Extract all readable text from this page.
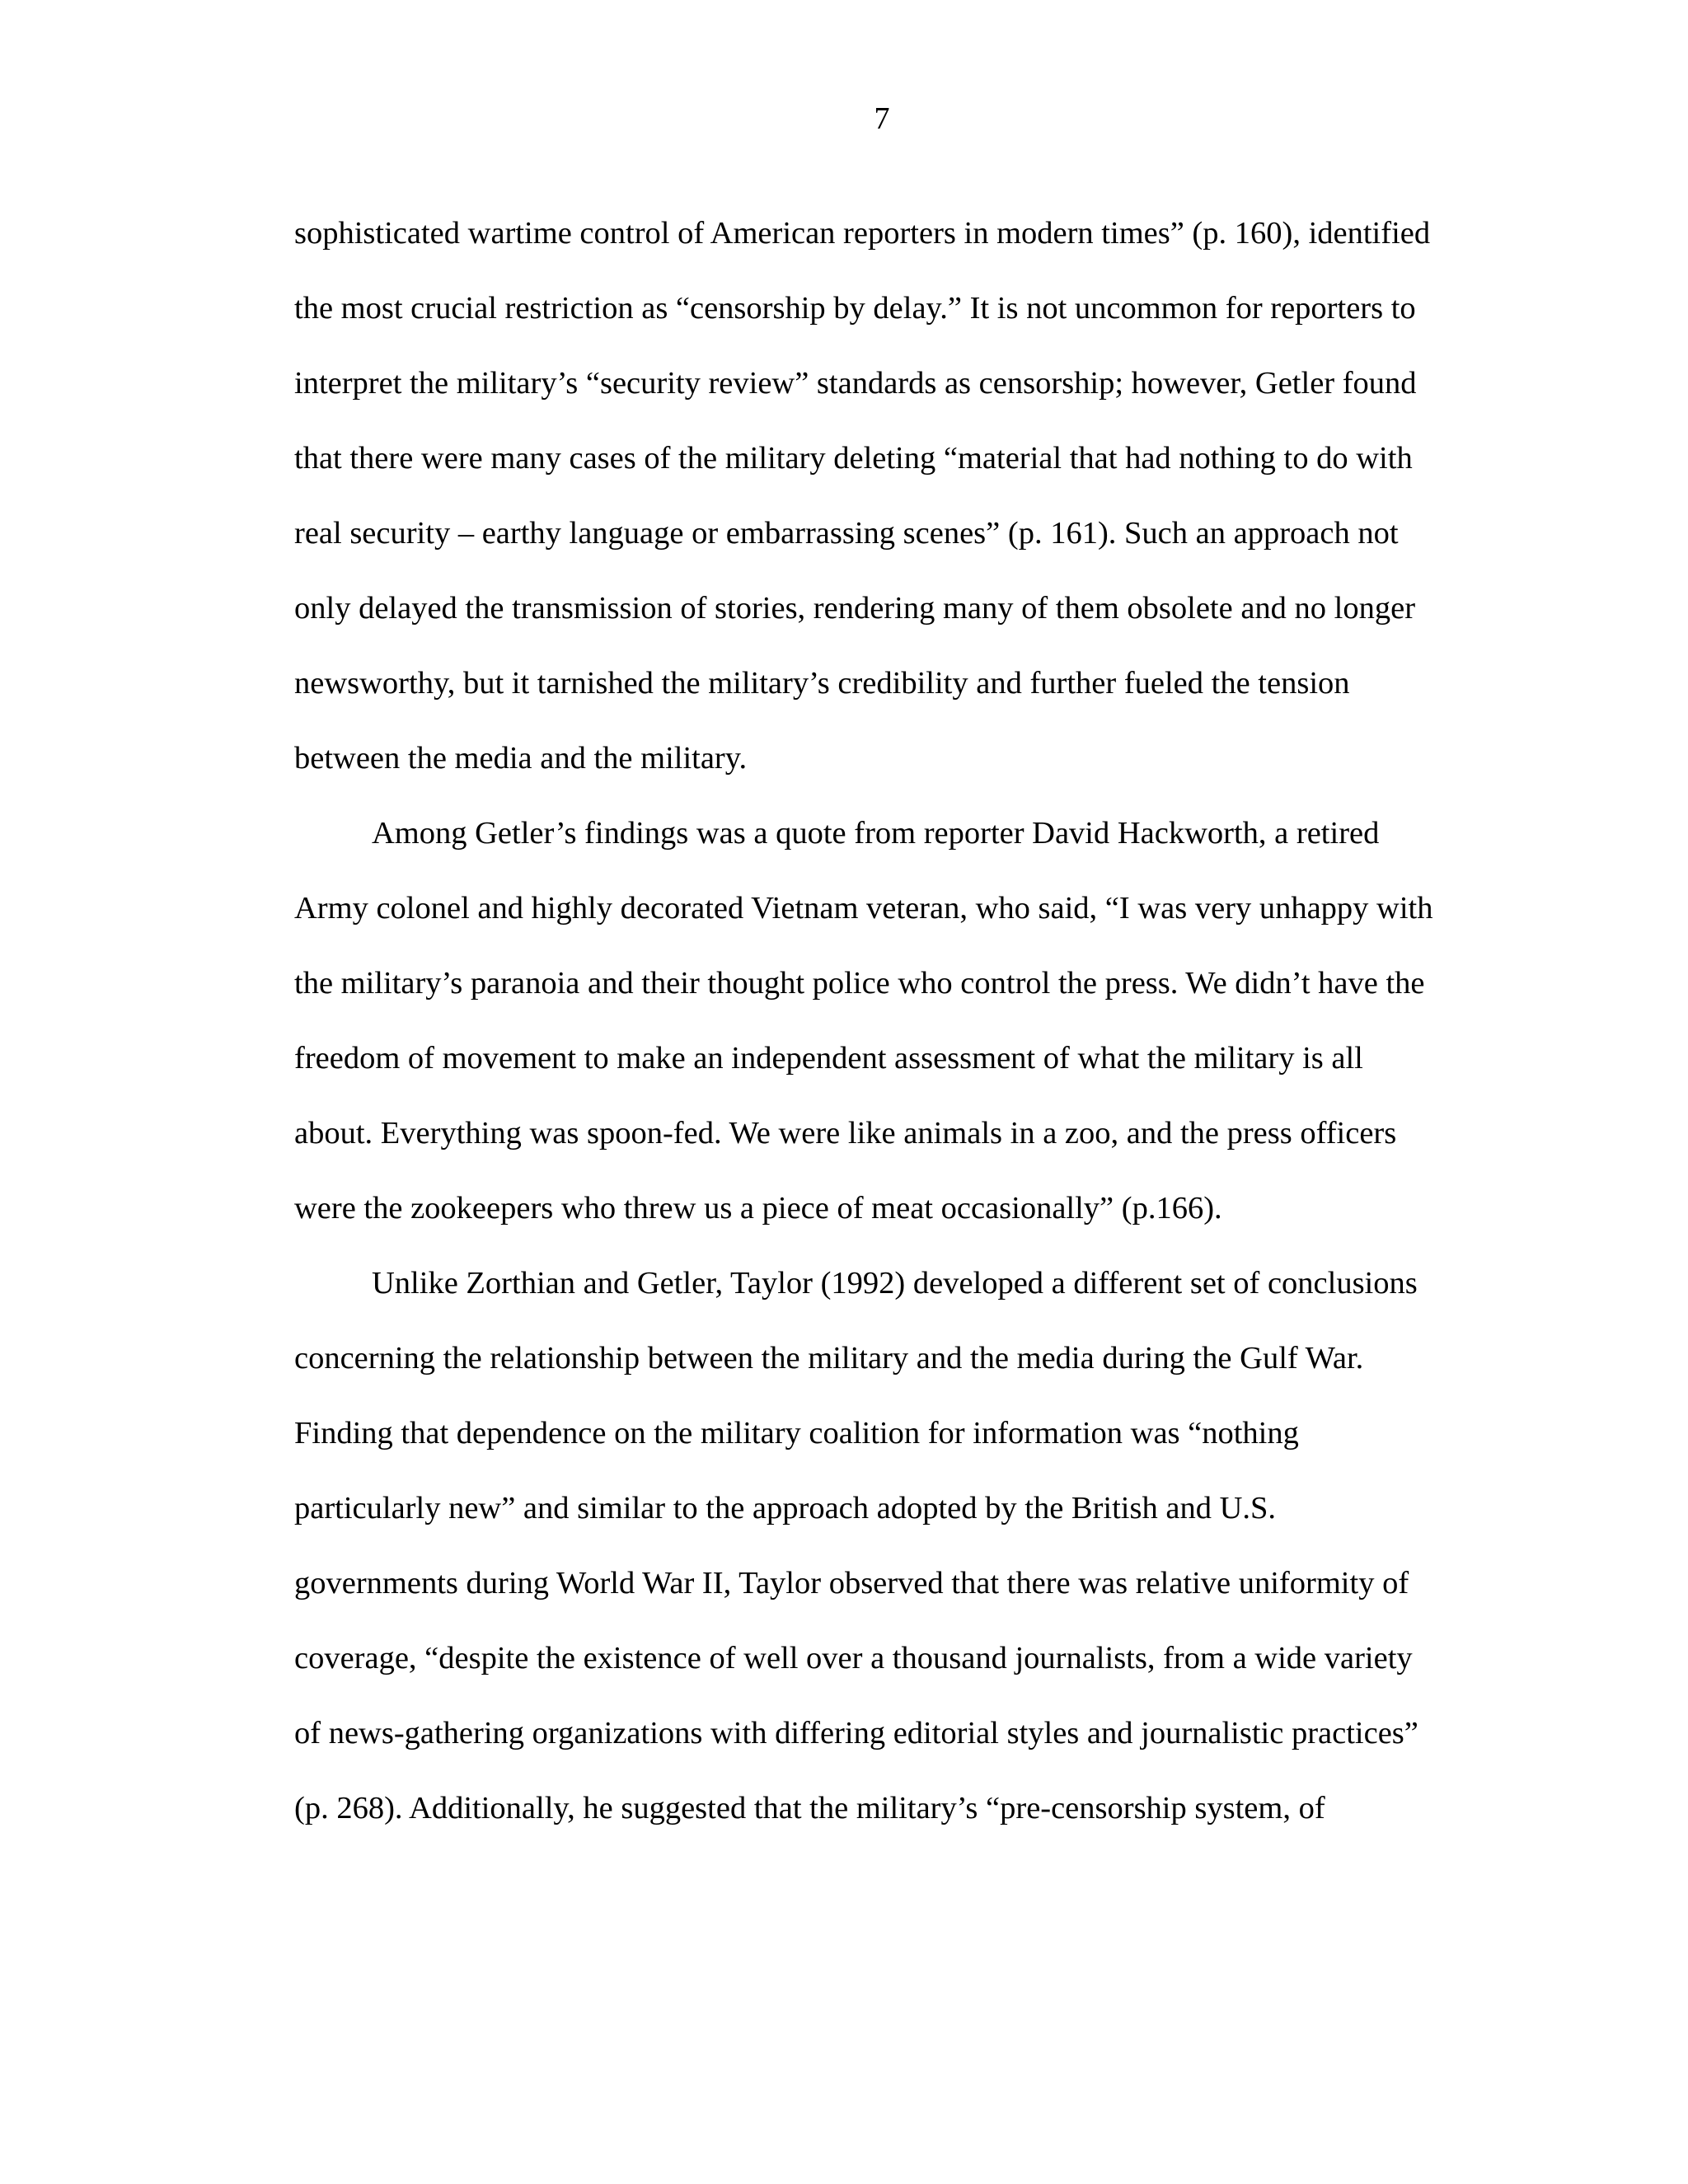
7
sophisticated wartime control of American reporters in modern times” (p. 160), identified
the most crucial restriction as “censorship by delay.” It is not uncommon for reporters to
interpret the military’s “security review” standards as censorship; however, Getler found
that there were many cases of the military deleting “material that had nothing to do with
real security – earthy language or embarrassing scenes” (p. 161). Such an approach not
only delayed the transmission of stories, rendering many of them obsolete and no longer
newsworthy, but it tarnished the military’s credibility and further fueled the tension
between the media and the military.
Among Getler’s findings was a quote from reporter David Hackworth, a retired
Army colonel and highly decorated Vietnam veteran, who said, “I was very unhappy with
the military’s paranoia and their thought police who control the press. We didn’t have the
freedom of movement to make an independent assessment of what the military is all
about. Everything was spoon-fed. We were like animals in a zoo, and the press officers
were the zookeepers who threw us a piece of meat occasionally” (p.166).
Unlike Zorthian and Getler, Taylor (1992) developed a different set of conclusions
concerning the relationship between the military and the media during the Gulf War.
Finding that dependence on the military coalition for information was “nothing
particularly new” and similar to the approach adopted by the British and U.S.
governments during World War II, Taylor observed that there was relative uniformity of
coverage, “despite the existence of well over a thousand journalists, from a wide variety
of news-gathering organizations with differing editorial styles and journalistic practices”
(p. 268). Additionally, he suggested that the military’s “pre-censorship system, of
